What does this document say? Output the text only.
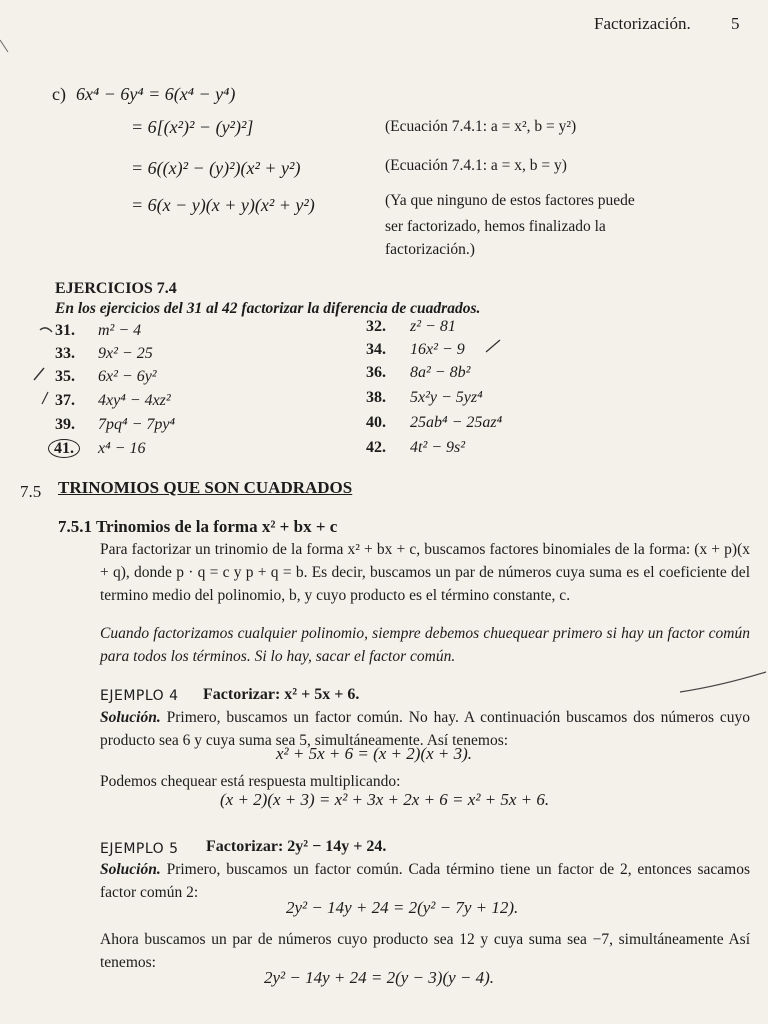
Factorización. 5
c) 6x⁴ − 6y⁴ = 6(x⁴ − y⁴)
= 6[(x²)² − (y²)²]
= 6((x)² − (y)²)(x² + y²)
= 6(x − y)(x + y)(x² + y²)
(Ecuación 7.4.1: a = x², b = y²)
(Ecuación 7.4.1: a = x, b = y)
(Ya que ninguno de estos factores puede
ser factorizado, hemos finalizado la
factorización.)
EJERCICIOS 7.4
En los ejercicios del 31 al 42 factorizar la diferencia de cuadrados.
31. m² − 4
33. 9x² − 25
35. 6x² − 6y²
37. 4xy⁴ − 4xz²
39. 7pq⁴ − 7py⁴
41.	x⁴ − 16
32. z² − 81
34. 16x² − 9
36. 8a² − 8b²
38. 5x²y − 5yz⁴
40. 25ab⁴ − 25az⁴
42. 4t² − 9s²
7.5 TRINOMIOS QUE SON CUADRADOS
7.5.1 Trinomios de la forma x² + bx + c
Para factorizar un trinomio de la forma x² + bx + c, buscamos factores binomiales de la forma: (x + p)(x + q), donde p · q = c y p + q = b. Es decir, buscamos un par de números cuya suma es el coeficiente del termino medio del polinomio, b, y cuyo producto es el término constante, c.
Cuando factorizamos cualquier polinomio, siempre debemos chuequear primero si hay un factor común para todos los términos. Si lo hay, sacar el factor común.
EJEMPLO 4 Factorizar: x² + 5x + 6.
Solución. Primero, buscamos un factor común. No hay. A continuación buscamos dos números cuyo producto sea 6 y cuya suma sea 5, simultáneamente. Así tenemos:
x² + 5x + 6 = (x + 2)(x + 3).
Podemos chequear está respuesta multiplicando:
(x + 2)(x + 3) = x² + 3x + 2x + 6 = x² + 5x + 6.
EJEMPLO 5 Factorizar: 2y² − 14y + 24.
Solución. Primero, buscamos un factor común. Cada término tiene un factor de 2, entonces sacamos factor común 2:
2y² − 14y + 24 = 2(y² − 7y + 12).
Ahora buscamos un par de números cuyo producto sea 12 y cuya suma sea −7, simultáneamente Así tenemos:
2y² − 14y + 24 = 2(y − 3)(y − 4).
